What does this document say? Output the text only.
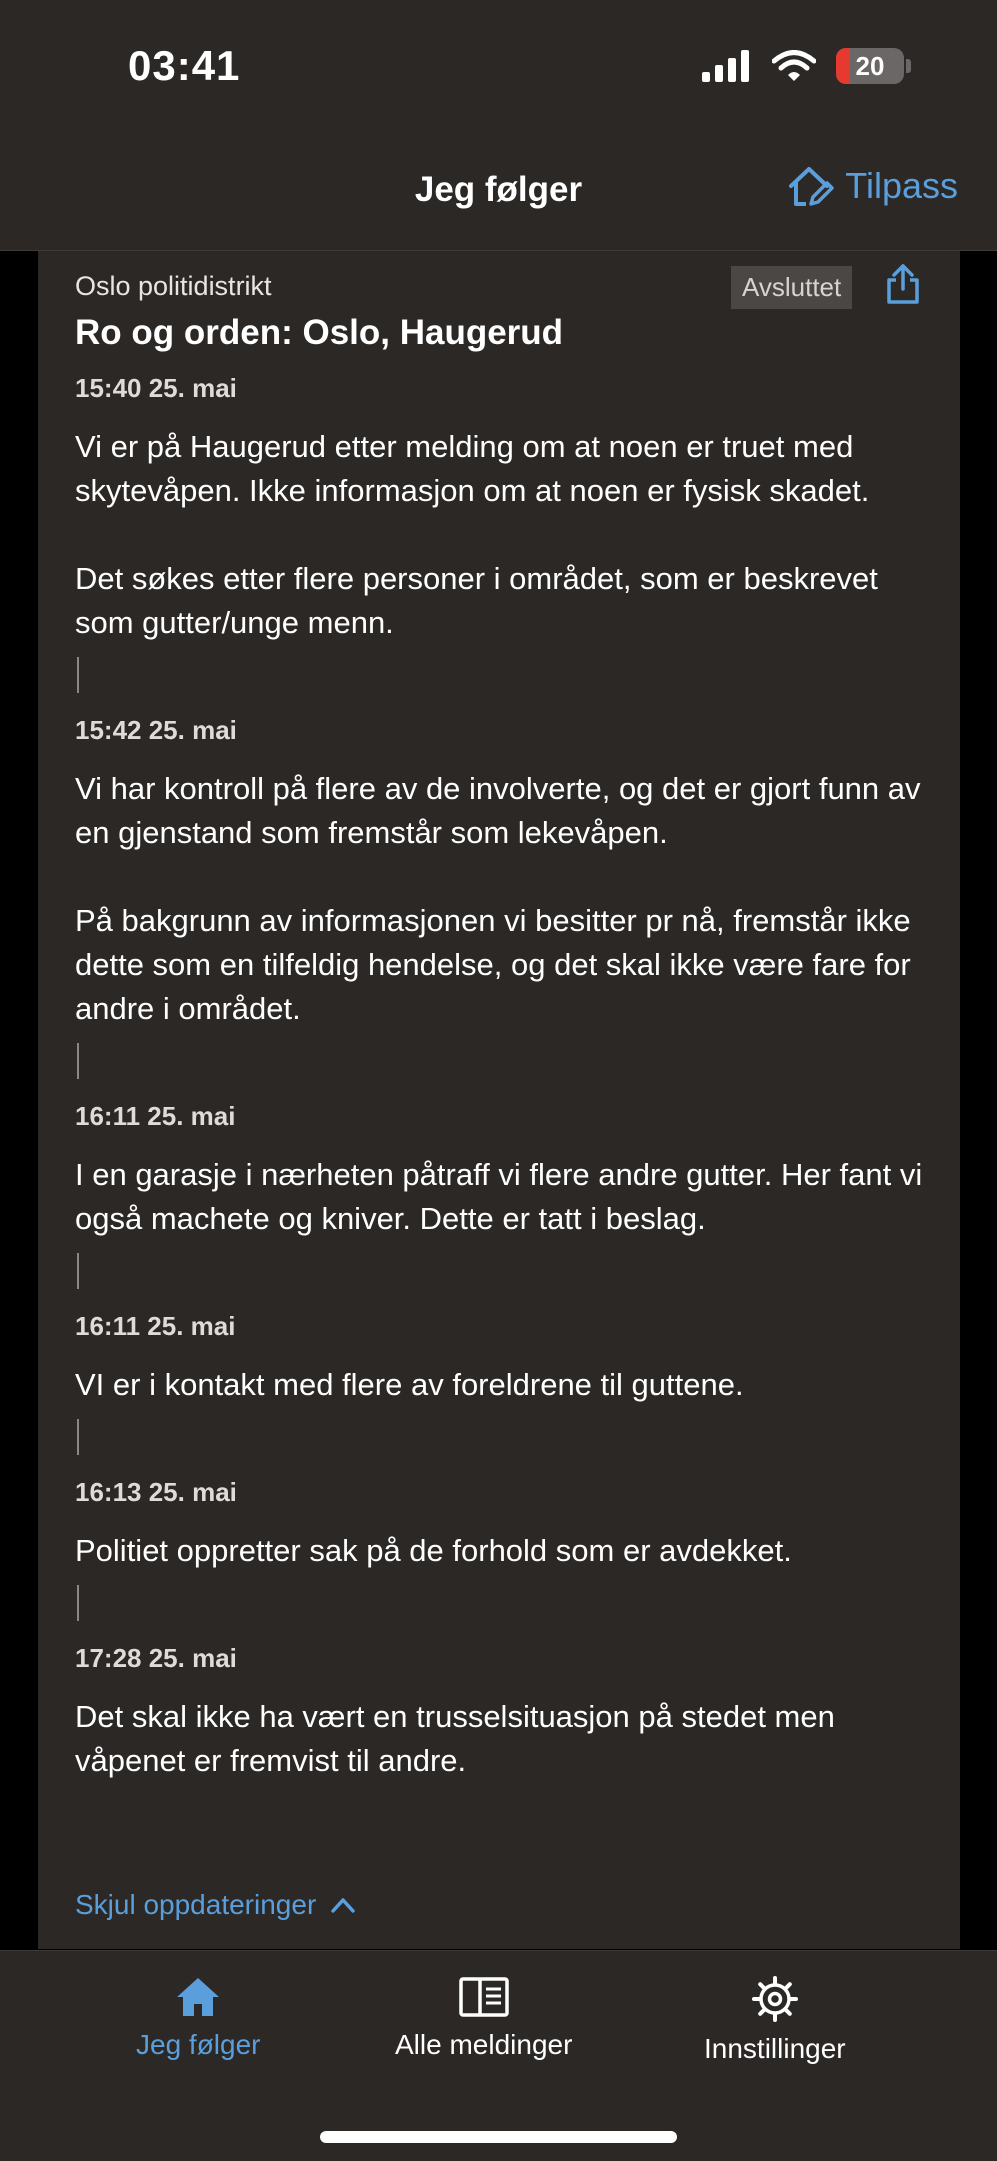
03:41	20
Jeg følger	Tilpass
Oslo politidistrikt	Avsluttet
Ro og orden: Oslo, Haugerud

15:40 25. mai

Vi er på Haugerud etter melding om at noen er truet med skytevåpen. Ikke informasjon om at noen er fysisk skadet.

Det søkes etter flere personer i området, som er beskrevet som gutter/unge menn.

15:42 25. mai

Vi har kontroll på flere av de involverte, og det er gjort funn av en gjenstand som fremstår som lekevåpen.

På bakgrunn av informasjonen vi besitter pr nå, fremstår ikke dette som en tilfeldig hendelse, og det skal ikke være fare for andre i området.

16:11 25. mai

I en garasje i nærheten påtraff vi flere andre gutter. Her fant vi også machete og kniver. Dette er tatt i beslag.

16:11 25. mai

VI er i kontakt med flere av foreldrene til guttene.

16:13 25. mai

Politiet oppretter sak på de forhold som er avdekket.

17:28 25. mai

Det skal ikke ha vært en trusselsituasjon på stedet men våpenet er fremvist til andre.

Skjul oppdateringer
Jeg følger	Alle meldinger	Innstillinger
